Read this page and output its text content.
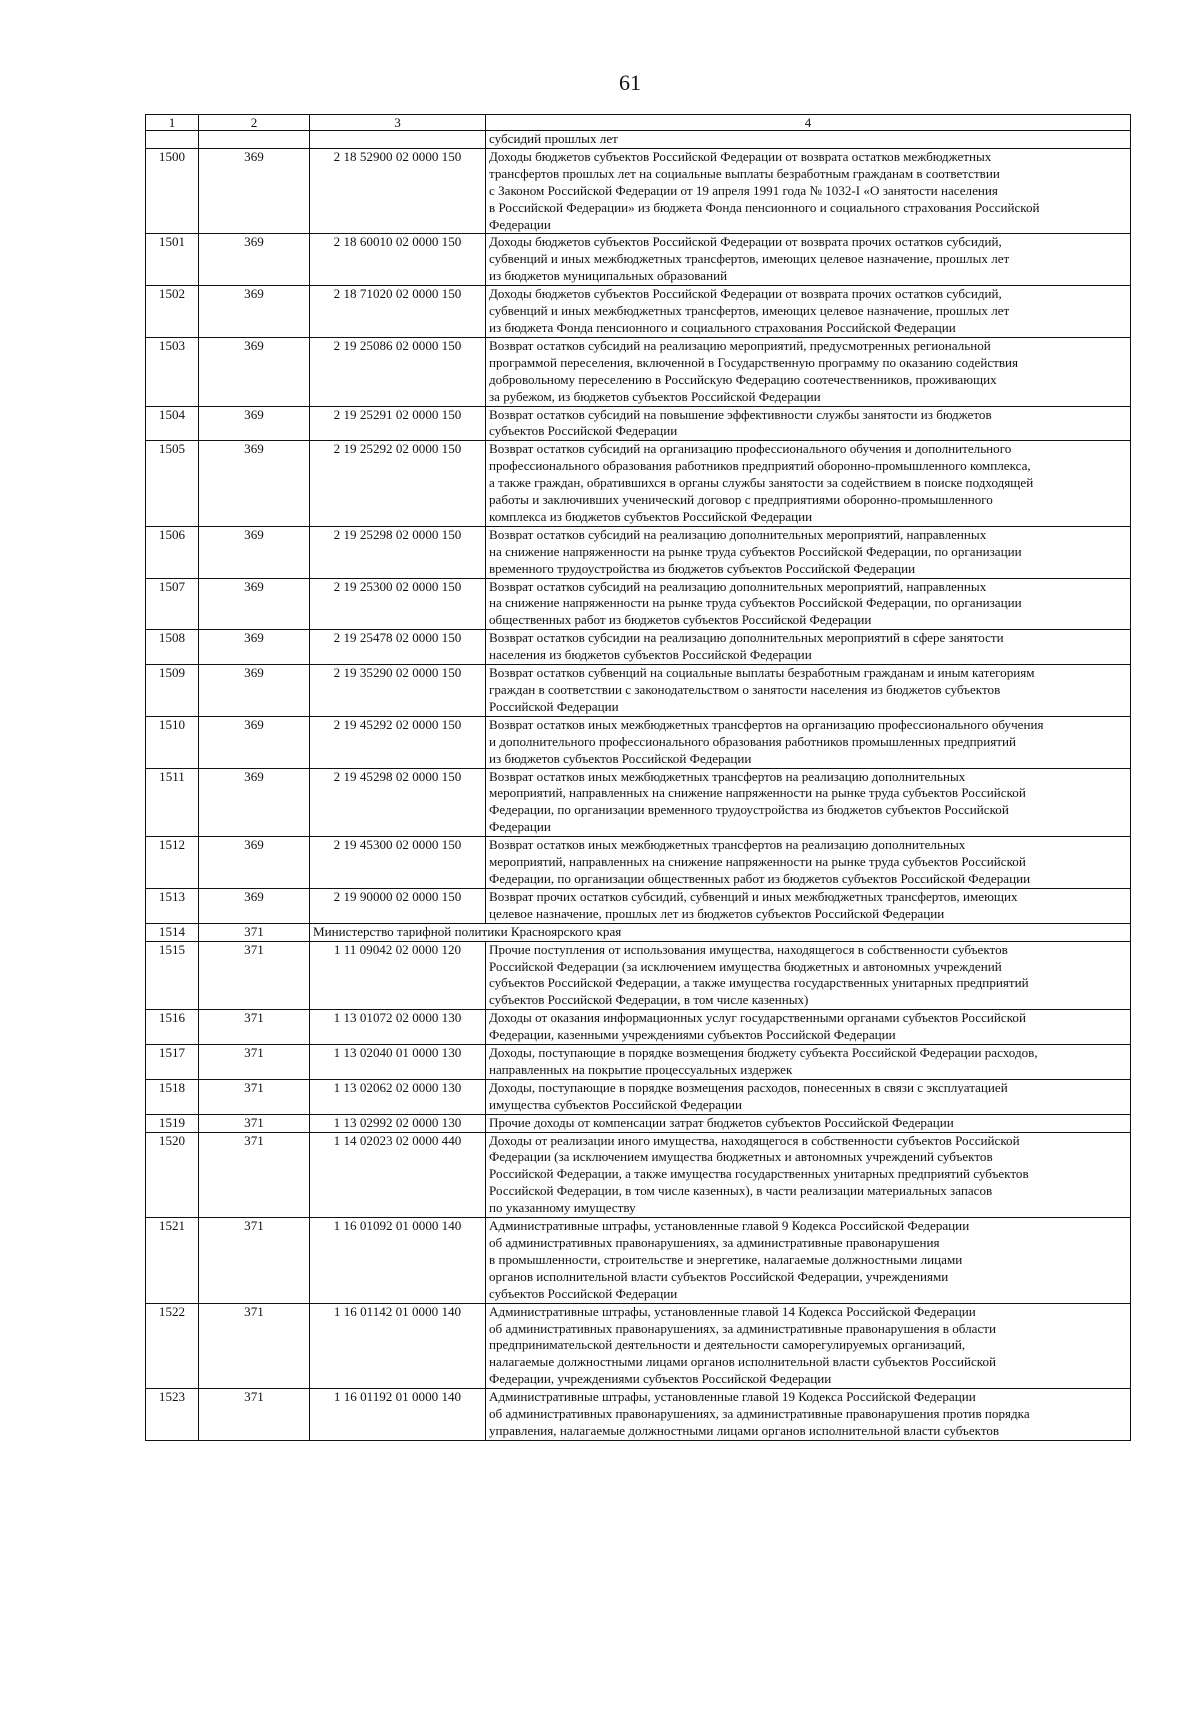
61
1	2	3	4
			субсидий прошлых лет
1500	369	2 18 52900 02 0000 150	Доходы бюджетов субъектов Российской Федерации от возврата остатков межбюджетных
трансфертов прошлых лет на социальные выплаты безработным гражданам в соответствии
с Законом Российской Федерации от 19 апреля 1991 года № 1032-I «О занятости населения
в Российской Федерации» из бюджета Фонда пенсионного и социального страхования Российской
Федерации
1501	369	2 18 60010 02 0000 150	Доходы бюджетов субъектов Российской Федерации от возврата прочих остатков субсидий,
субвенций и иных межбюджетных трансфертов, имеющих целевое назначение, прошлых лет
из бюджетов муниципальных образований
1502	369	2 18 71020 02 0000 150	Доходы бюджетов субъектов Российской Федерации от возврата прочих остатков субсидий,
субвенций и иных межбюджетных трансфертов, имеющих целевое назначение, прошлых лет
из бюджета Фонда пенсионного и социального страхования Российской Федерации
1503	369	2 19 25086 02 0000 150	Возврат остатков субсидий на реализацию мероприятий, предусмотренных региональной
программой переселения, включенной в Государственную программу по оказанию содействия
добровольному переселению в Российскую Федерацию соотечественников, проживающих
за рубежом, из бюджетов субъектов Российской Федерации
1504	369	2 19 25291 02 0000 150	Возврат остатков субсидий на повышение эффективности службы занятости из бюджетов
субъектов Российской Федерации
1505	369	2 19 25292 02 0000 150	Возврат остатков субсидий на организацию профессионального обучения и дополнительного
профессионального образования работников предприятий оборонно-промышленного комплекса,
а также граждан, обратившихся в органы службы занятости за содействием в поиске подходящей
работы и заключивших ученический договор с предприятиями оборонно-промышленного
комплекса из бюджетов субъектов Российской Федерации
1506	369	2 19 25298 02 0000 150	Возврат остатков субсидий на реализацию дополнительных мероприятий, направленных
на снижение напряженности на рынке труда субъектов Российской Федерации, по организации
временного трудоустройства из бюджетов субъектов Российской Федерации
1507	369	2 19 25300 02 0000 150	Возврат остатков субсидий на реализацию дополнительных мероприятий, направленных
на снижение напряженности на рынке труда субъектов Российской Федерации, по организации
общественных работ из бюджетов субъектов Российской Федерации
1508	369	2 19 25478 02 0000 150	Возврат остатков субсидии на реализацию дополнительных мероприятий в сфере занятости
населения из бюджетов субъектов Российской Федерации
1509	369	2 19 35290 02 0000 150	Возврат остатков субвенций на социальные выплаты безработным гражданам и иным категориям
граждан в соответствии с законодательством о занятости населения из бюджетов субъектов
Российской Федерации
1510	369	2 19 45292 02 0000 150	Возврат остатков иных межбюджетных трансфертов на организацию профессионального обучения
и дополнительного профессионального образования работников промышленных предприятий
из бюджетов субъектов Российской Федерации
1511	369	2 19 45298 02 0000 150	Возврат остатков иных межбюджетных трансфертов на реализацию дополнительных
мероприятий, направленных на снижение напряженности на рынке труда субъектов Российской
Федерации, по организации временного трудоустройства из бюджетов субъектов Российской
Федерации
1512	369	2 19 45300 02 0000 150	Возврат остатков иных межбюджетных трансфертов на реализацию дополнительных
мероприятий, направленных на снижение напряженности на рынке труда субъектов Российской
Федерации, по организации общественных работ из бюджетов субъектов Российской Федерации
1513	369	2 19 90000 02 0000 150	Возврат прочих остатков субсидий, субвенций и иных межбюджетных трансфертов, имеющих
целевое назначение, прошлых лет из бюджетов субъектов Российской Федерации
1514	371	Министерство тарифной политики Красноярского края	
1515	371	1 11 09042 02 0000 120	Прочие поступления от использования имущества, находящегося в собственности субъектов
Российской Федерации (за исключением имущества бюджетных и автономных учреждений
субъектов Российской Федерации, а также имущества государственных унитарных предприятий
субъектов Российской Федерации, в том числе казенных)
1516	371	1 13 01072 02 0000 130	Доходы от оказания информационных услуг государственными органами субъектов Российской
Федерации, казенными учреждениями субъектов Российской Федерации
1517	371	1 13 02040 01 0000 130	Доходы, поступающие в порядке возмещения бюджету субъекта Российской Федерации расходов,
направленных на покрытие процессуальных издержек
1518	371	1 13 02062 02 0000 130	Доходы, поступающие в порядке возмещения расходов, понесенных в связи с эксплуатацией
имущества субъектов Российской Федерации
1519	371	1 13 02992 02 0000 130	Прочие доходы от компенсации затрат бюджетов субъектов Российской Федерации
1520	371	1 14 02023 02 0000 440	Доходы от реализации иного имущества, находящегося в собственности субъектов Российской
Федерации (за исключением имущества бюджетных и автономных учреждений субъектов
Российской Федерации, а также имущества государственных унитарных предприятий субъектов
Российской Федерации, в том числе казенных), в части реализации материальных запасов
по указанному имуществу
1521	371	1 16 01092 01 0000 140	Административные штрафы, установленные главой 9 Кодекса Российской Федерации
об административных правонарушениях, за административные правонарушения
в промышленности, строительстве и энергетике, налагаемые должностными лицами
органов исполнительной власти субъектов Российской Федерации, учреждениями
субъектов Российской Федерации
1522	371	1 16 01142 01 0000 140	Административные штрафы, установленные главой 14 Кодекса Российской Федерации
об административных правонарушениях, за административные правонарушения в области
предпринимательской деятельности и деятельности саморегулируемых организаций,
налагаемые должностными лицами органов исполнительной власти субъектов Российской
Федерации, учреждениями субъектов Российской Федерации
1523	371	1 16 01192 01 0000 140	Административные штрафы, установленные главой 19 Кодекса Российской Федерации
об административных правонарушениях, за административные правонарушения против порядка
управления, налагаемые должностными лицами органов исполнительной власти субъектов
